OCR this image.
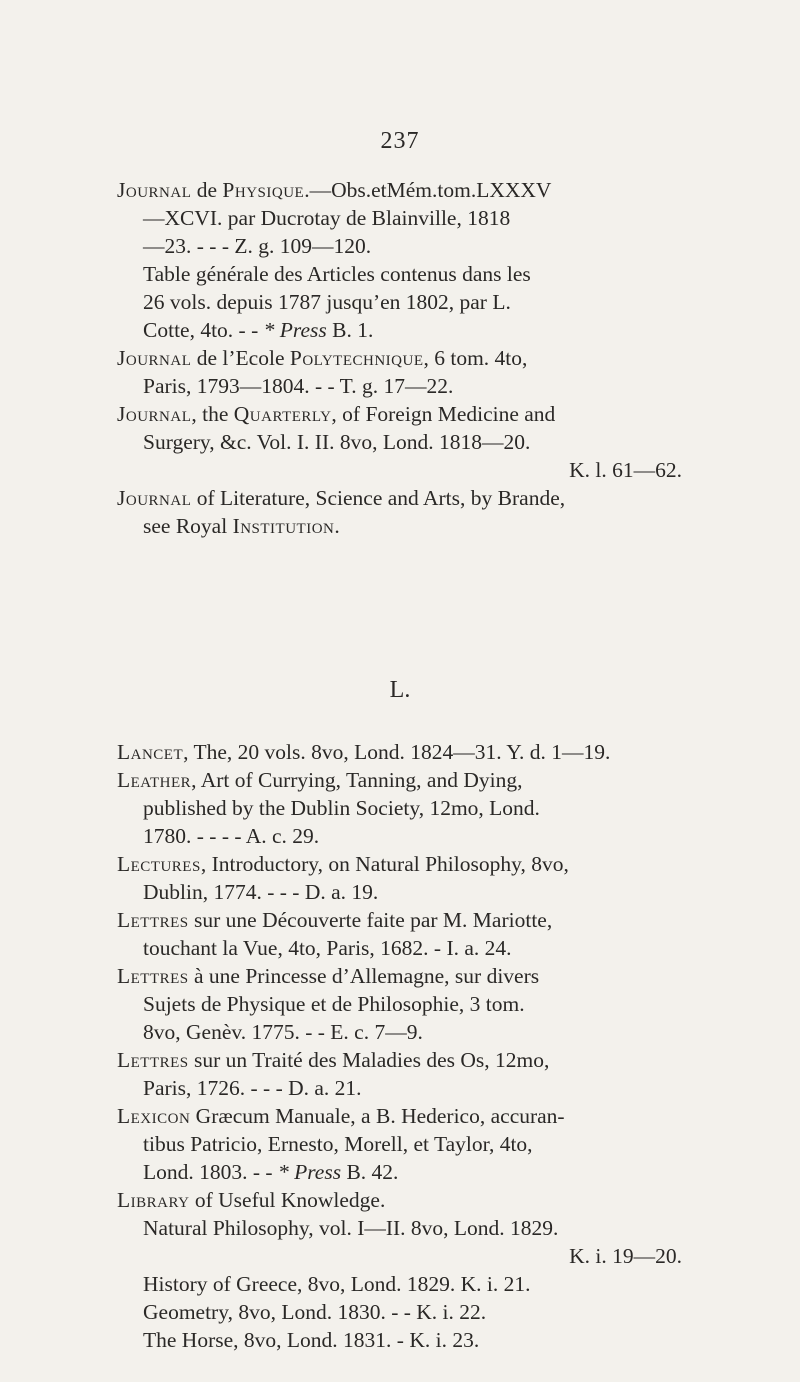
237
L.
Journal de Physique.—Obs.etMém.tom.LXXXV
—XCVI. par Ducrotay de Blainville, 1818
—23. - - - Z. g. 109—120.
Table générale des Articles contenus dans les
26 vols. depuis 1787 jusqu’en 1802, par L.
Cotte, 4to. - - * Press B. 1.
Journal de l’Ecole Polytechnique, 6 tom. 4to,
Paris, 1793—1804. - - T. g. 17—22.
Journal, the Quarterly, of Foreign Medicine and
Surgery, &c. Vol. I. II. 8vo, Lond. 1818—20.
K. l. 61—62.
Journal of Literature, Science and Arts, by Brande,
see Royal Institution.
Lancet, The, 20 vols. 8vo, Lond. 1824—31. Y. d. 1—19.
Leather, Art of Currying, Tanning, and Dying,
published by the Dublin Society, 12mo, Lond.
1780. - - - - A. c. 29.
Lectures, Introductory, on Natural Philosophy, 8vo,
Dublin, 1774. - - - D. a. 19.
Lettres sur une Découverte faite par M. Mariotte,
touchant la Vue, 4to, Paris, 1682. - I. a. 24.
Lettres à une Princesse d’Allemagne, sur divers
Sujets de Physique et de Philosophie, 3 tom.
8vo, Genèv. 1775. - - E. c. 7—9.
Lettres sur un Traité des Maladies des Os, 12mo,
Paris, 1726. - - - D. a. 21.
Lexicon Græcum Manuale, a B. Hederico, accuran-
tibus Patricio, Ernesto, Morell, et Taylor, 4to,
Lond. 1803. - - * Press B. 42.
Library of Useful Knowledge.
Natural Philosophy, vol. I—II. 8vo, Lond. 1829.
K. i. 19—20.
History of Greece, 8vo, Lond. 1829. K. i. 21.
Geometry, 8vo, Lond. 1830. - - K. i. 22.
The Horse, 8vo, Lond. 1831. - K. i. 23.
